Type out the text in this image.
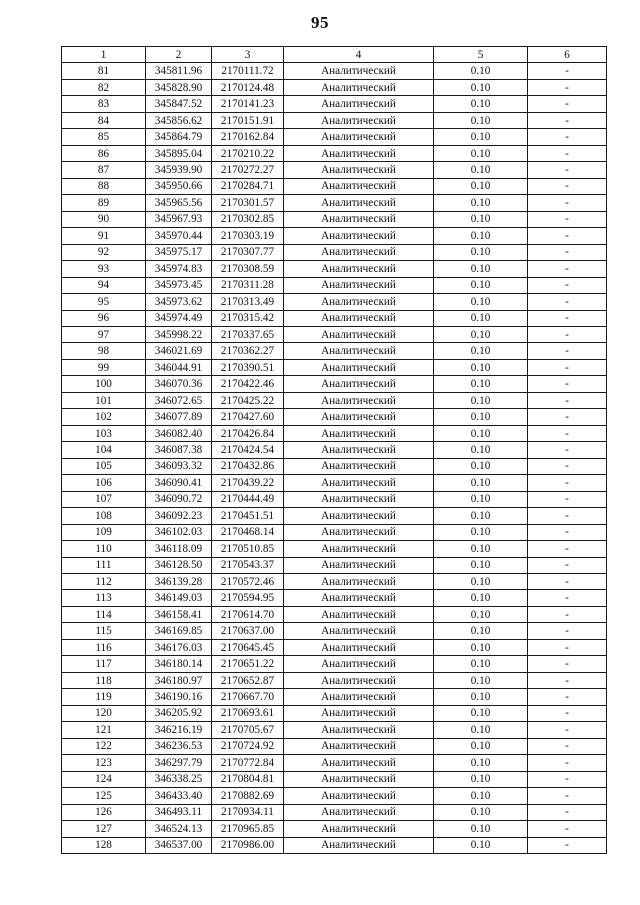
95
1	2	3	4	5	6
81	345811.96	2170111.72	Аналитический	0.10	-
82	345828.90	2170124.48	Аналитический	0.10	-
83	345847.52	2170141.23	Аналитический	0.10	-
84	345856.62	2170151.91	Аналитический	0.10	-
85	345864.79	2170162.84	Аналитический	0.10	-
86	345895.04	2170210.22	Аналитический	0.10	-
87	345939.90	2170272.27	Аналитический	0.10	-
88	345950.66	2170284.71	Аналитический	0.10	-
89	345965.56	2170301.57	Аналитический	0.10	-
90	345967.93	2170302.85	Аналитический	0.10	-
91	345970.44	2170303.19	Аналитический	0.10	-
92	345975.17	2170307.77	Аналитический	0.10	-
93	345974.83	2170308.59	Аналитический	0.10	-
94	345973.45	2170311.28	Аналитический	0.10	-
95	345973.62	2170313.49	Аналитический	0.10	-
96	345974.49	2170315.42	Аналитический	0.10	-
97	345998.22	2170337.65	Аналитический	0.10	-
98	346021.69	2170362.27	Аналитический	0.10	-
99	346044.91	2170390.51	Аналитический	0.10	-
100	346070.36	2170422.46	Аналитический	0.10	-
101	346072.65	2170425.22	Аналитический	0.10	-
102	346077.89	2170427.60	Аналитический	0.10	-
103	346082.40	2170426.84	Аналитический	0.10	-
104	346087.38	2170424.54	Аналитический	0.10	-
105	346093.32	2170432.86	Аналитический	0.10	-
106	346090.41	2170439.22	Аналитический	0.10	-
107	346090.72	2170444.49	Аналитический	0.10	-
108	346092.23	2170451.51	Аналитический	0.10	-
109	346102.03	2170468.14	Аналитический	0.10	-
110	346118.09	2170510.85	Аналитический	0.10	-
111	346128.50	2170543.37	Аналитический	0.10	-
112	346139.28	2170572.46	Аналитический	0.10	-
113	346149.03	2170594.95	Аналитический	0.10	-
114	346158.41	2170614.70	Аналитический	0.10	-
115	346169.85	2170637.00	Аналитический	0.10	-
116	346176.03	2170645.45	Аналитический	0.10	-
117	346180.14	2170651.22	Аналитический	0.10	-
118	346180.97	2170652.87	Аналитический	0.10	-
119	346190.16	2170667.70	Аналитический	0.10	-
120	346205.92	2170693.61	Аналитический	0.10	-
121	346216.19	2170705.67	Аналитический	0.10	-
122	346236.53	2170724.92	Аналитический	0.10	-
123	346297.79	2170772.84	Аналитический	0.10	-
124	346338.25	2170804.81	Аналитический	0.10	-
125	346433.40	2170882.69	Аналитический	0.10	-
126	346493.11	2170934.11	Аналитический	0.10	-
127	346524.13	2170965.85	Аналитический	0.10	-
128	346537.00	2170986.00	Аналитический	0.10	-
